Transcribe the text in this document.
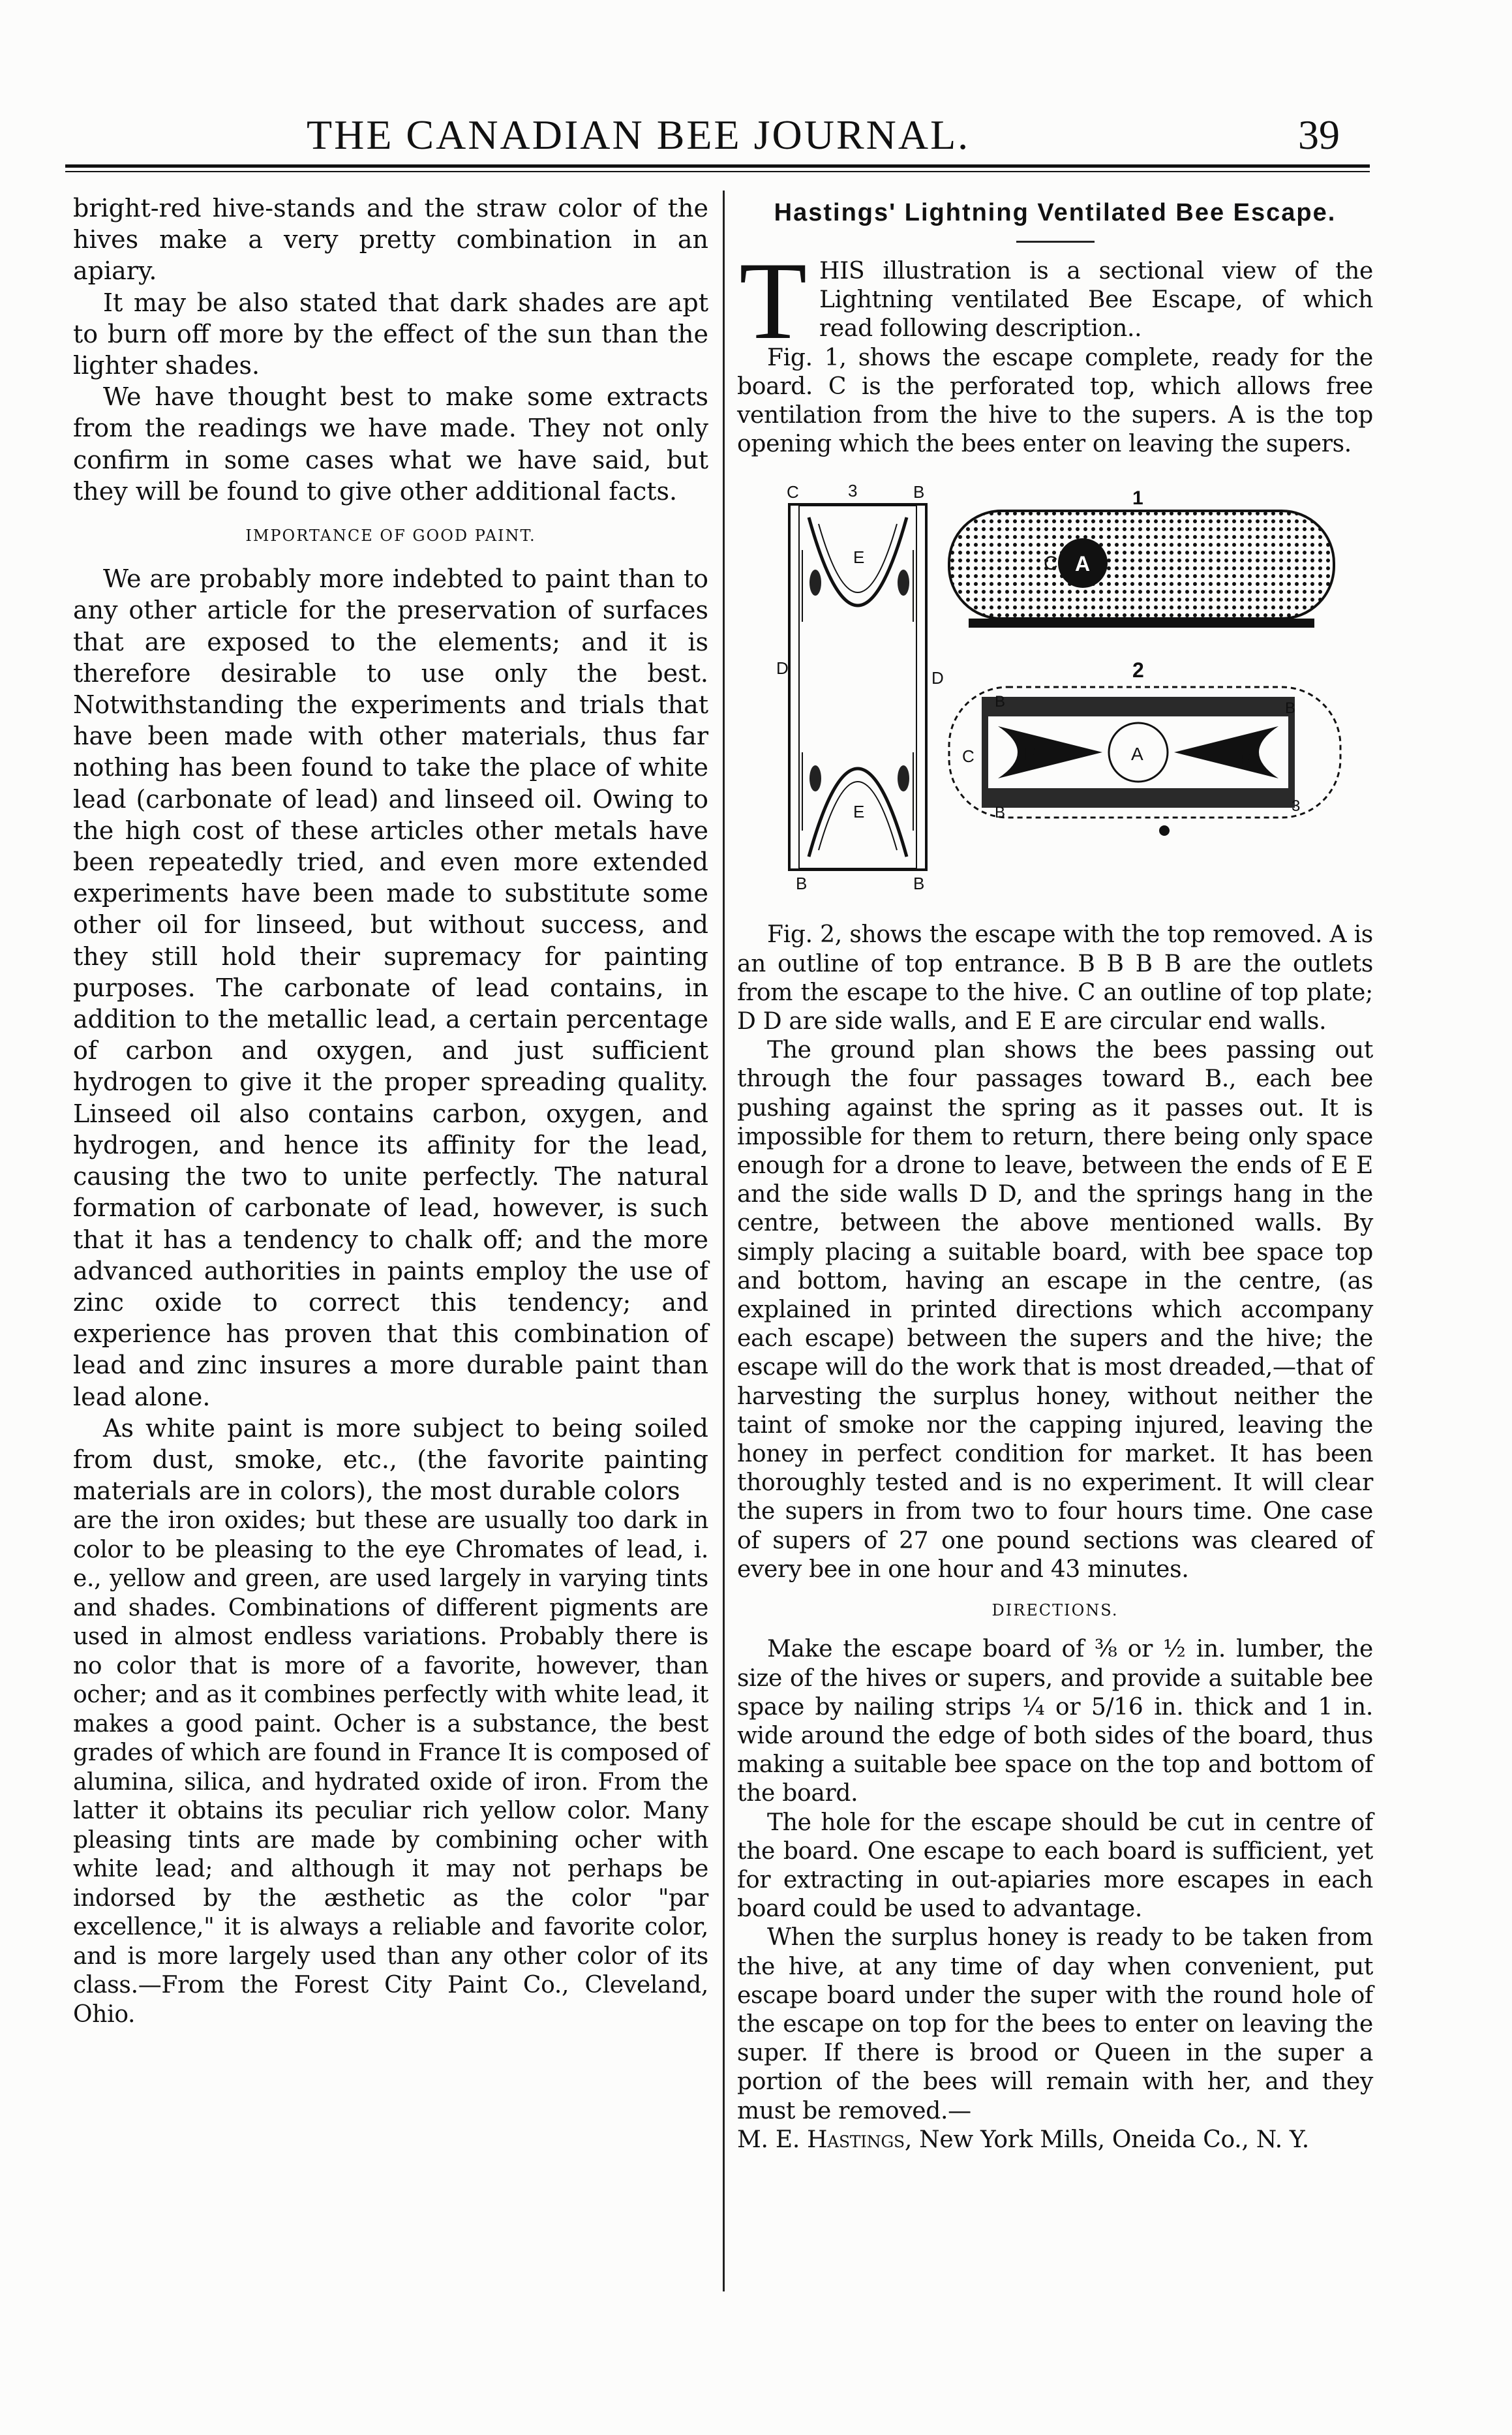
THE CANADIAN BEE JOURNAL.	39

bright-red hive-stands and the straw color of the hives make a very pretty combination in an apiary.

It may be also stated that dark shades are apt to burn off more by the effect of the sun than the lighter shades.

We have thought best to make some extracts from the readings we have made. They not only confirm in some cases what we have said, but they will be found to give other additional facts.

IMPORTANCE OF GOOD PAINT.

We are probably more indebted to paint than to any other article for the preservation of surfaces that are exposed to the elements; and it is therefore desirable to use only the best. Notwithstanding the experiments and trials that have been made with other materials, thus far nothing has been found to take the place of white lead (carbonate of lead) and linseed oil. Owing to the high cost of these articles other metals have been repeatedly tried, and even more extended experiments have been made to substitute some other oil for linseed, but without success, and they still hold their supremacy for painting purposes. The carbonate of lead contains, in addition to the metallic lead, a certain percentage of carbon and oxygen, and just sufficient hydrogen to give it the proper spreading quality. Linseed oil also contains carbon, oxygen, and hydrogen, and hence its affinity for the lead, causing the two to unite perfectly. The natural formation of carbonate of lead, however, is such that it has a tendency to chalk off; and the more advanced authorities in paints employ the use of zinc oxide to correct this tendency; and experience has proven that this combination of lead and zinc insures a more durable paint than lead alone.

As white paint is more subject to being soiled from dust, smoke, etc., (the favorite painting materials are in colors), the most durable colors

are the iron oxides; but these are usually too dark in color to be pleasing to the eye Chromates of lead, i. e., yellow and green, are used largely in varying tints and shades. Combinations of different pigments are used in almost endless variations. Probably there is no color that is more of a favorite, however, than ocher; and as it combines perfectly with white lead, it makes a good paint. Ocher is a substance, the best grades of which are found in France It is composed of alumina, silica, and hydrated oxide of iron. From the latter it obtains its peculiar rich yellow color. Many pleasing tints are made by combining ocher with white lead; and although it may not perhaps be indorsed by the æsthetic as the color "par excellence," it is always a reliable and favorite color, and is more largely used than any other color of its class.—From the Forest City Paint Co., Cleveland, Ohio.

Hastings' Lightning Ventilated Bee Escape.
T HIS illustration is a sectional view of the Lightning ventilated Bee Escape, of which read following description..

Fig. 1, shows the escape complete, ready for the board. C is the perforated top, which allows free ventilation from the hive to the supers. A is the top opening which the bees enter on leaving the supers.

C	3	B
E
D	D
E
B	B
1
C A
2
B	B
B	3
C	E	A	E

Fig. 2, shows the escape with the top removed. A is an outline of top entrance. B B B B are the outlets from the escape to the hive. C an outline of top plate; D D are side walls, and E E are circular end walls.

The ground plan shows the bees passing out through the four passages toward B., each bee pushing against the spring as it passes out. It is impossible for them to return, there being only space enough for a drone to leave, between the ends of E E and the side walls D D, and the springs hang in the centre, between the above mentioned walls. By simply placing a suitable board, with bee space top and bottom, having an escape in the centre, (as explained in printed directions which accompany each escape) between the supers and the hive; the escape will do the work that is most dreaded,—that of harvesting the surplus honey, without neither the taint of smoke nor the capping injured, leaving the honey in perfect condition for market. It has been thoroughly tested and is no experiment. It will clear the supers in from two to four hours time. One case of supers of 27 one pound sections was cleared of every bee in one hour and 43 minutes.

DIRECTIONS.

Make the escape board of ⅜ or ½ in. lumber, the size of the hives or supers, and provide a suitable bee space by nailing strips ¼ or 5/16 in. thick and 1 in. wide around the edge of both sides of the board, thus making a suitable bee space on the top and bottom of the board.

The hole for the escape should be cut in centre of the board. One escape to each board is sufficient, yet for extracting in out-apiaries more escapes in each board could be used to advantage.

When the surplus honey is ready to be taken from the hive, at any time of day when convenient, put escape board under the super with the round hole of the escape on top for the bees to enter on leaving the super. If there is brood or Queen in the super a portion of the bees will remain with her, and they must be removed.—

M. E. Hastings, New York Mills, Oneida Co., N. Y.
